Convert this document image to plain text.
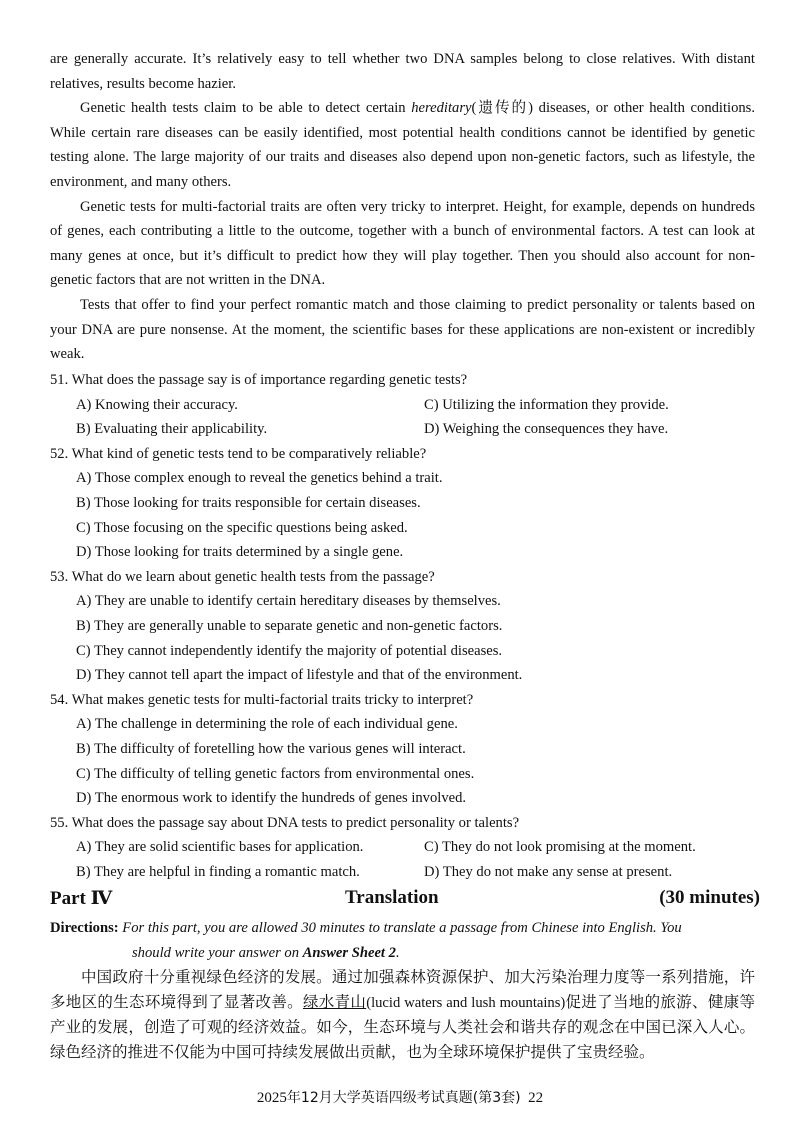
are generally accurate. It’s relatively easy to tell whether two DNA samples belong to close relatives. With distant relatives, results become hazier.

Genetic health tests claim to be able to detect certain hereditary(遗传的) diseases, or other health conditions. While certain rare diseases can be easily identified, most potential health conditions cannot be identified by genetic testing alone. The large majority of our traits and diseases also depend upon non-genetic factors, such as lifestyle, the environment, and many others.

Genetic tests for multi-factorial traits are often very tricky to interpret. Height, for example, depends on hundreds of genes, each contributing a little to the outcome, together with a bunch of environmental factors. A test can look at many genes at once, but it’s difficult to predict how they will play together. Then you should also account for non-genetic factors that are not written in the DNA.

Tests that offer to find your perfect romantic match and those claiming to predict personality or talents based on your DNA are pure nonsense. At the moment, the scientific bases for these applications are non-existent or incredibly weak.

51. What does the passage say is of importance regarding genetic tests?
A) Knowing their accuracy.	C) Utilizing the information they provide.
B) Evaluating their applicability.	D) Weighing the consequences they have.
52. What kind of genetic tests tend to be comparatively reliable?
A) Those complex enough to reveal the genetics behind a trait.
B) Those looking for traits responsible for certain diseases.
C) Those focusing on the specific questions being asked.
D) Those looking for traits determined by a single gene.
53. What do we learn about genetic health tests from the passage?
A) They are unable to identify certain hereditary diseases by themselves.
B) They are generally unable to separate genetic and non-genetic factors.
C) They cannot independently identify the majority of potential diseases.
D) They cannot tell apart the impact of lifestyle and that of the environment.
54. What makes genetic tests for multi-factorial traits tricky to interpret?
A) The challenge in determining the role of each individual gene.
B) The difficulty of foretelling how the various genes will interact.
C) The difficulty of telling genetic factors from environmental ones.
D) The enormous work to identify the hundreds of genes involved.
55. What does the passage say about DNA tests to predict personality or talents?
A) They are solid scientific bases for application.	C) They do not look promising at the moment.
B) They are helpful in finding a romantic match.	D) They do not make any sense at present.
Part Ⅳ	Translation	(30 minutes)
Directions: For this part, you are allowed 30 minutes to translate a passage from Chinese into English. You
should write your answer on Answer Sheet 2.
中国政府十分重视绿色经济的发展。通过加强森林资源保护、加大污染治理力度等一系列措施，许多地区的生态环境得到了显著改善。绿水青山(lucid waters and lush mountains)促进了当地的旅游、健康等产业的发展，创造了可观的经济效益。如今，生态环境与人类社会和谐共存的观念在中国已深入人心。绿色经济的推进不仅能为中国可持续发展做出贡献，也为全球环境保护提供了宝贵经验。
2025年12月大学英语四级考试真题(第3套) 22
